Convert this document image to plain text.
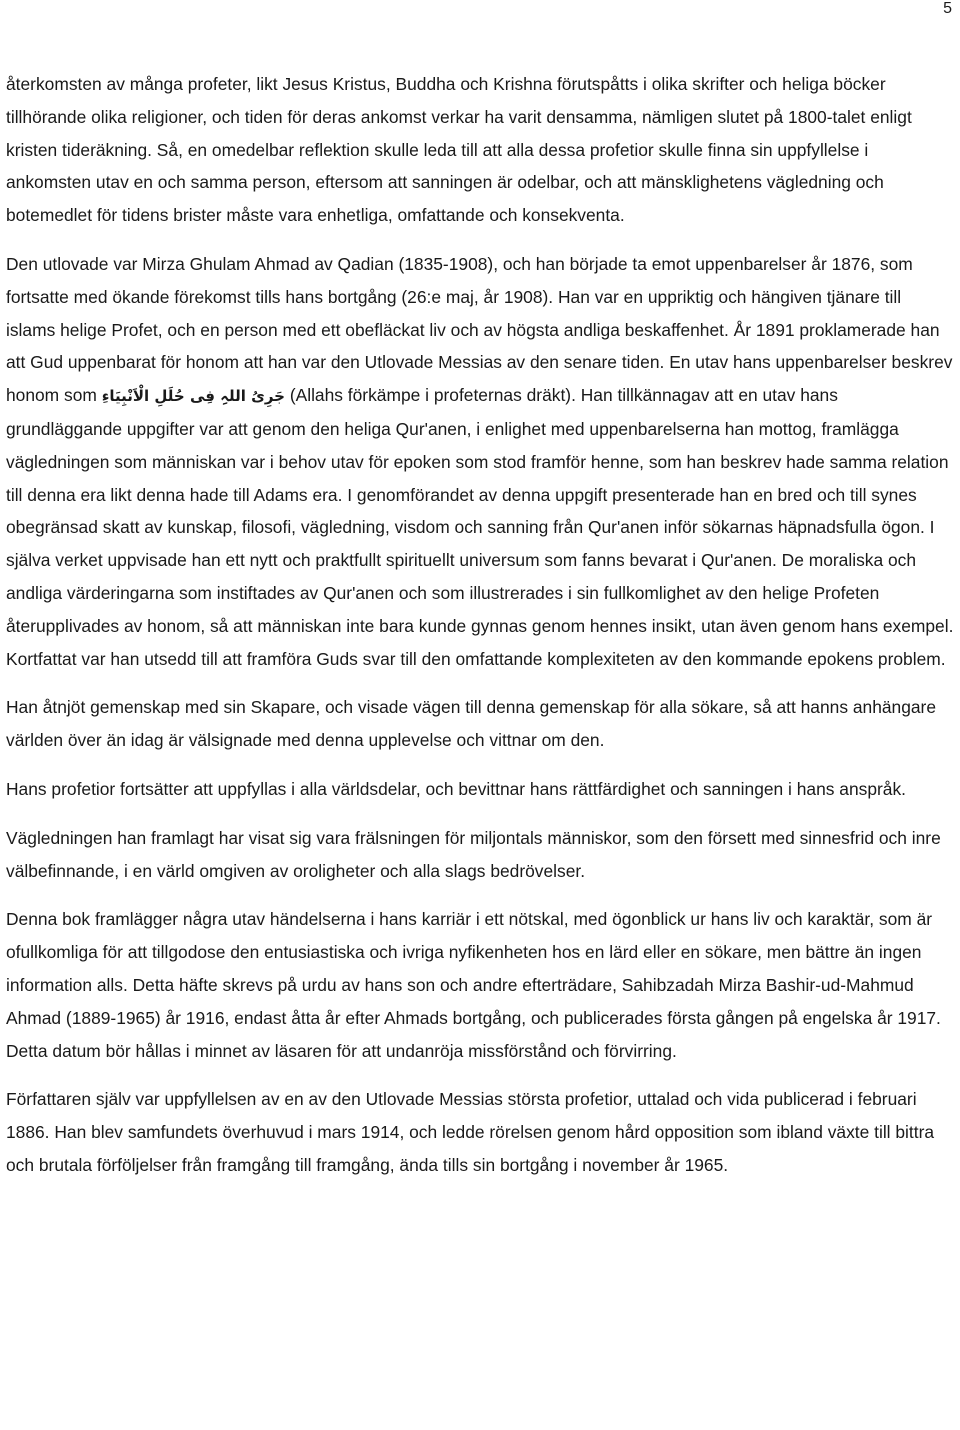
5

återkomsten av många profeter, likt Jesus Kristus, Buddha och Krishna förutspåtts i olika skrifter och heliga böcker tillhörande olika religioner, och tiden för deras ankomst verkar ha varit densamma, nämligen slutet på 1800-talet enligt kristen tideräkning. Så, en omedelbar reflektion skulle leda till att alla dessa profetior skulle finna sin uppfyllelse i ankomsten utav en och samma person, eftersom att sanningen är odelbar, och att mänsklighetens vägledning och botemedlet för tidens brister måste vara enhetliga, omfattande och konsekventa.

Den utlovade var Mirza Ghulam Ahmad av Qadian (1835-1908), och han började ta emot uppenbarelser år 1876, som fortsatte med ökande förekomst tills hans bortgång (26:e maj, år 1908). Han var en uppriktig och hängiven tjänare till islams helige Profet, och en person med ett obefläckat liv och av högsta andliga beskaffenhet. År 1891 proklamerade han att Gud uppenbarat för honom att han var den Utlovade Messias av den senare tiden. En utav hans uppenbarelser beskrev honom som جَرِیُ اللہِ فِی حُلَلِ الْاَنْبِیَاءِ (Allahs förkämpe i profeternas dräkt). Han tillkännagav att en utav hans grundläggande uppgifter var att genom den heliga Qur'anen, i enlighet med uppenbarelserna han mottog, framlägga vägledningen som människan var i behov utav för epoken som stod framför henne, som han beskrev hade samma relation till denna era likt denna hade till Adams era. I genomförandet av denna uppgift presenterade han en bred och till synes obegränsad skatt av kunskap, filosofi, vägledning, visdom och sanning från Qur'anen inför sökarnas häpnadsfulla ögon. I själva verket uppvisade han ett nytt och praktfullt spirituellt universum som fanns bevarat i Qur'anen. De moraliska och andliga värderingarna som instiftades av Qur'anen och som illustrerades i sin fullkomlighet av den helige Profeten återupplivades av honom, så att människan inte bara kunde gynnas genom hennes insikt, utan även genom hans exempel. Kortfattat var han utsedd till att framföra Guds svar till den omfattande komplexiteten av den kommande epokens problem.

Han åtnjöt gemenskap med sin Skapare, och visade vägen till denna gemenskap för alla sökare, så att hanns anhängare världen över än idag är välsignade med denna upplevelse och vittnar om den.

Hans profetior fortsätter att uppfyllas i alla världsdelar, och bevittnar hans rättfärdighet och sanningen i hans anspråk.

Vägledningen han framlagt har visat sig vara frälsningen för miljontals människor, som den försett med sinnesfrid och inre välbefinnande, i en värld omgiven av oroligheter och alla slags bedrövelser.

Denna bok framlägger några utav händelserna i hans karriär i ett nötskal, med ögonblick ur hans liv och karaktär, som är ofullkomliga för att tillgodose den entusiastiska och ivriga nyfikenheten hos en lärd eller en sökare, men bättre än ingen information alls. Detta häfte skrevs på urdu av hans son och andre efterträdare, Sahibzadah Mirza Bashir-ud-Mahmud Ahmad (1889-1965) år 1916, endast åtta år efter Ahmads bortgång, och publicerades första gången på engelska år 1917. Detta datum bör hållas i minnet av läsaren för att undanröja missförstånd och förvirring.

Författaren själv var uppfyllelsen av en av den Utlovade Messias största profetior, uttalad och vida publicerad i februari 1886. Han blev samfundets överhuvud i mars 1914, och ledde rörelsen genom hård opposition som ibland växte till bittra och brutala förföljelser från framgång till framgång, ända tills sin bortgång i november år 1965.
